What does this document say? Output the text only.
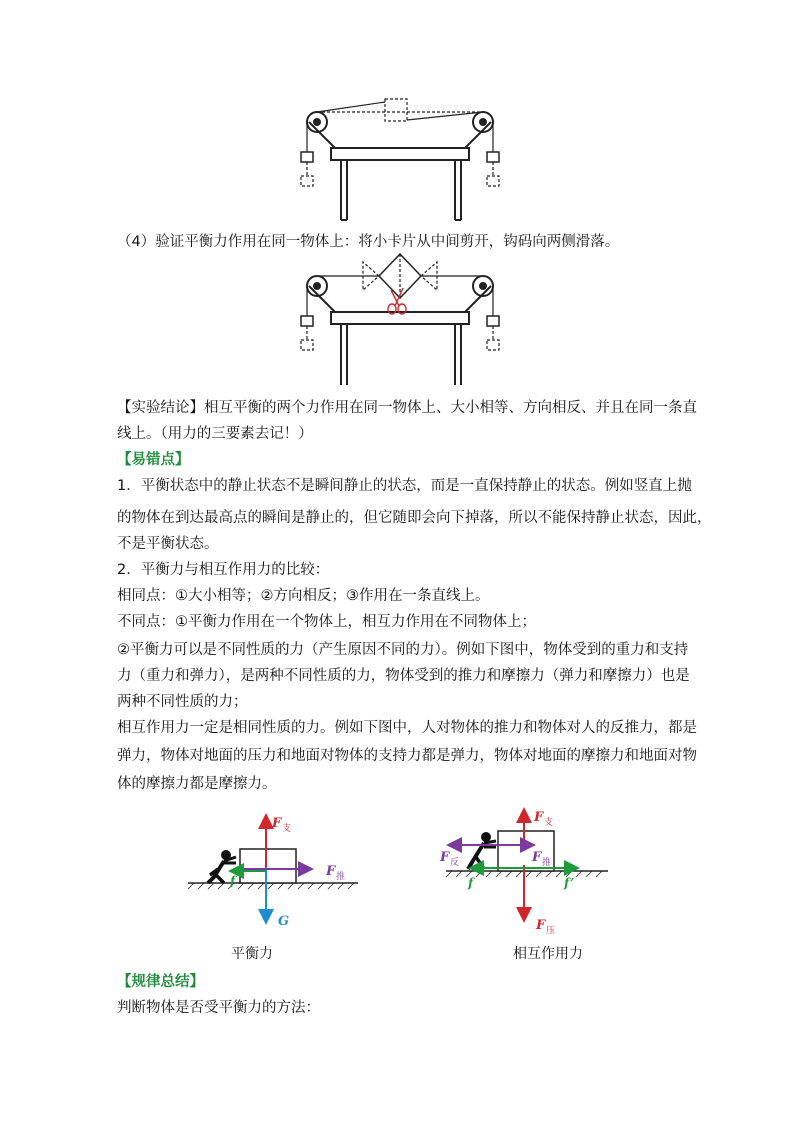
（4）验证平衡力作用在同一物体上：将小卡片从中间剪开，钩码向两侧滑落。
【实验结论】相互平衡的两个力作用在同一物体上、大小相等、方向相反、并且在同一条直
线上。（用力的三要素去记！）
【易错点】
1．平衡状态中的静止状态不是瞬间静止的状态，而是一直保持静止的状态。例如竖直上抛
的物体在到达最高点的瞬间是静止的，但它随即会向下掉落，所以不能保持静止状态，因此，
不是平衡状态。
2．平衡力与相互作用力的比较：
相同点：①大小相等；②方向相反；③作用在一条直线上。
不同点：①平衡力作用在一个物体上，相互力作用在不同物体上；
②平衡力可以是不同性质的力（产生原因不同的力）。例如下图中，物体受到的重力和支持
力（重力和弹力），是两种不同性质的力，物体受到的推力和摩擦力（弹力和摩擦力）也是
两种不同性质的力；
相互作用力一定是相同性质的力。例如下图中，人对物体的推力和物体对人的反推力，都是
弹力，物体对地面的压力和地面对物体的支持力都是弹力，物体对地面的摩擦力和地面对物
体的摩擦力都是摩擦力。
F 支
F 推
G
f
平衡力
F 支
F 推
F 反
f	f’
F 压
相互作用力
【规律总结】
判断物体是否受平衡力的方法：
